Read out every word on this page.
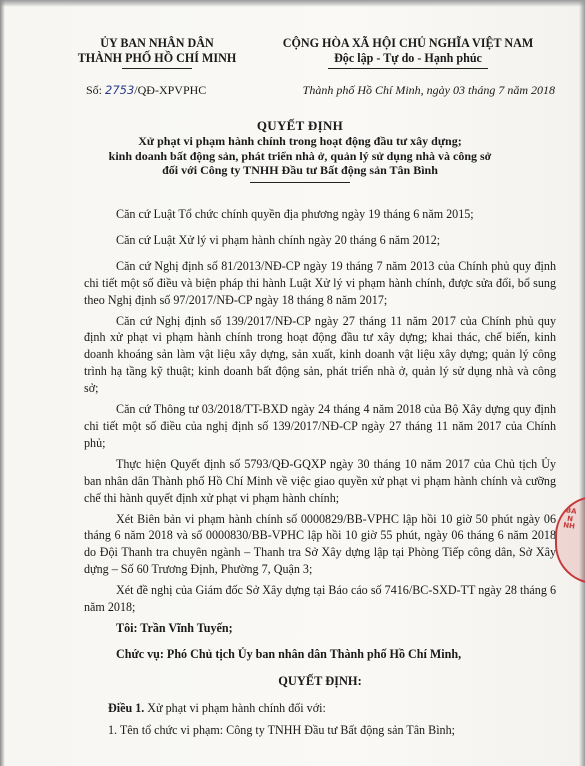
ỦY BAN NHÂN DÂN
THÀNH PHỐ HỒ CHÍ MINH
CỘNG HÒA XÃ HỘI CHỦ NGHĨA VIỆT NAM
Độc lập - Tự do - Hạnh phúc
Số: 2753/QĐ-XPVPHC	Thành phố Hồ Chí Minh, ngày 03 tháng 7 năm 2018
QUYẾT ĐỊNH
Xử phạt vi phạm hành chính trong hoạt động đầu tư xây dựng;
kinh doanh bất động sản, phát triển nhà ở, quản lý sử dụng nhà và công sở
đối với Công ty TNHH Đầu tư Bất động sản Tân Bình

Căn cứ Luật Tổ chức chính quyền địa phương ngày 19 tháng 6 năm 2015;

Căn cứ Luật Xử lý vi phạm hành chính ngày 20 tháng 6 năm 2012;

Căn cứ Nghị định số 81/2013/NĐ-CP ngày 19 tháng 7 năm 2013 của Chính phủ quy định chi tiết một số điều và biện pháp thi hành Luật Xử lý vi phạm hành chính, được sửa đổi, bổ sung theo Nghị định số 97/2017/NĐ-CP ngày 18 tháng 8 năm 2017;

Căn cứ Nghị định số 139/2017/NĐ-CP ngày 27 tháng 11 năm 2017 của Chính phủ quy định xử phạt vi phạm hành chính trong hoạt động đầu tư xây dựng; khai thác, chế biến, kinh doanh khoáng sản làm vật liệu xây dựng, sản xuất, kinh doanh vật liệu xây dựng; quản lý công trình hạ tầng kỹ thuật; kinh doanh bất động sản, phát triển nhà ở, quản lý sử dụng nhà và công sở;

Căn cứ Thông tư 03/2018/TT-BXD ngày 24 tháng 4 năm 2018 của Bộ Xây dựng quy định chi tiết một số điều của nghị định số 139/2017/NĐ-CP ngày 27 tháng 11 năm 2017 của Chính phủ;

Thực hiện Quyết định số 5793/QĐ-GQXP ngày 30 tháng 10 năm 2017 của Chủ tịch Ủy ban nhân dân Thành phố Hồ Chí Minh về việc giao quyền xử phạt vi phạm hành chính và cưỡng chế thi hành quyết định xử phạt vi phạm hành chính;

Xét Biên bản vi phạm hành chính số 0000829/BB-VPHC lập hồi 10 giờ 50 phút ngày 06 tháng 6 năm 2018 và số 0000830/BB-VPHC lập hồi 10 giờ 55 phút, ngày 06 tháng 6 năm 2018 do Đội Thanh tra chuyên ngành – Thanh tra Sở Xây dựng lập tại Phòng Tiếp công dân, Sở Xây dựng – Số 60 Trương Định, Phường 7, Quận 3;

Xét đề nghị của Giám đốc Sở Xây dựng tại Báo cáo số 7416/BC-SXD-TT ngày 28 tháng 6 năm 2018;

Tôi: Trần Vĩnh Tuyến;

Chức vụ: Phó Chủ tịch Ủy ban nhân dân Thành phố Hồ Chí Minh,

QUYẾT ĐỊNH:

Điều 1. Xử phạt vi phạm hành chính đối với:

1. Tên tổ chức vi phạm: Công ty TNHH Đầu tư Bất động sản Tân Bình;

BAN NH
